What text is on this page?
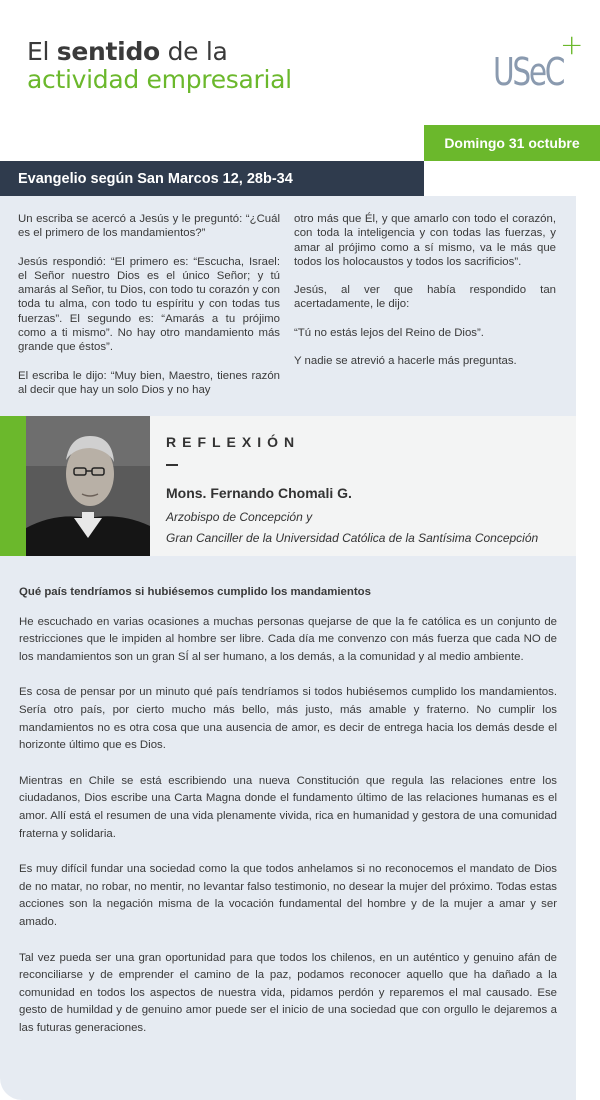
El sentido de la
actividad empresarial	USeC
+
Domingo 31 octubre
Evangelio según San Marcos 12, 28b-34

Un escriba se acercó a Jesús y le preguntó: “¿Cuál es el primero de los mandamientos?”

Jesús respondió: “El primero es: “Escucha, Israel: el Señor nuestro Dios es el único Señor; y tú amarás al Señor, tu Dios, con todo tu corazón y con toda tu alma, con todo tu espíritu y con todas tus fuerzas”. El segundo es: “Amarás a tu prójimo como a ti mismo”. No hay otro mandamiento más grande que éstos”.

El escriba le dijo: “Muy bien, Maestro, tienes razón al decir que hay un solo Dios y no hay

otro más que Él, y que amarlo con todo el corazón, con toda la inteligencia y con todas las fuerzas, y amar al prójimo como a sí mismo, va le más que todos los holocaustos y todos los sacrificios”.

Jesús, al ver que había respondido tan acertadamente, le dijo:

“Tú no estás lejos del Reino de Dios”.

Y nadie se atrevió a hacerle más preguntas.

REFLEXIÓN
Mons. Fernando Chomali G.
Arzobispo de Concepción y
Gran Canciller de la Universidad Católica de la Santísima Concepción
Qué país tendríamos si hubiésemos cumplido los mandamientos

He escuchado en varias ocasiones a muchas personas quejarse de que la fe católica es un conjunto de restricciones que le impiden al hombre ser libre. Cada día me convenzo con más fuerza que cada NO de los mandamientos son un gran SÍ al ser humano, a los demás, a la comunidad y al medio ambiente.

Es cosa de pensar por un minuto qué país tendríamos si todos hubiésemos cumplido los mandamientos. Sería otro país, por cierto mucho más bello, más justo, más amable y fraterno. No cumplir los mandamientos no es otra cosa que una ausencia de amor, es decir de entrega hacia los demás desde el horizonte último que es Dios.

Mientras en Chile se está escribiendo una nueva Constitución que regula las relaciones entre los ciudadanos, Dios escribe una Carta Magna donde el fundamento último de las relaciones humanas es el amor. Allí está el resumen de una vida plenamente vivida, rica en humanidad y gestora de una comunidad fraterna y solidaria.

Es muy difícil fundar una sociedad como la que todos anhelamos si no reconocemos el mandato de Dios de no matar, no robar, no mentir, no levantar falso testimonio, no desear la mujer del próximo. Todas estas acciones son la negación misma de la vocación fundamental del hombre y de la mujer a amar y ser amado.

Tal vez pueda ser una gran oportunidad para que todos los chilenos, en un auténtico y genuino afán de reconciliarse y de emprender el camino de la paz, podamos reconocer aquello que ha dañado a la comunidad en todos los aspectos de nuestra vida, pidamos perdón y reparemos el mal causado. Ese gesto de humildad y de genuino amor puede ser el inicio de una sociedad que con orgullo le dejaremos a las futuras generaciones.
